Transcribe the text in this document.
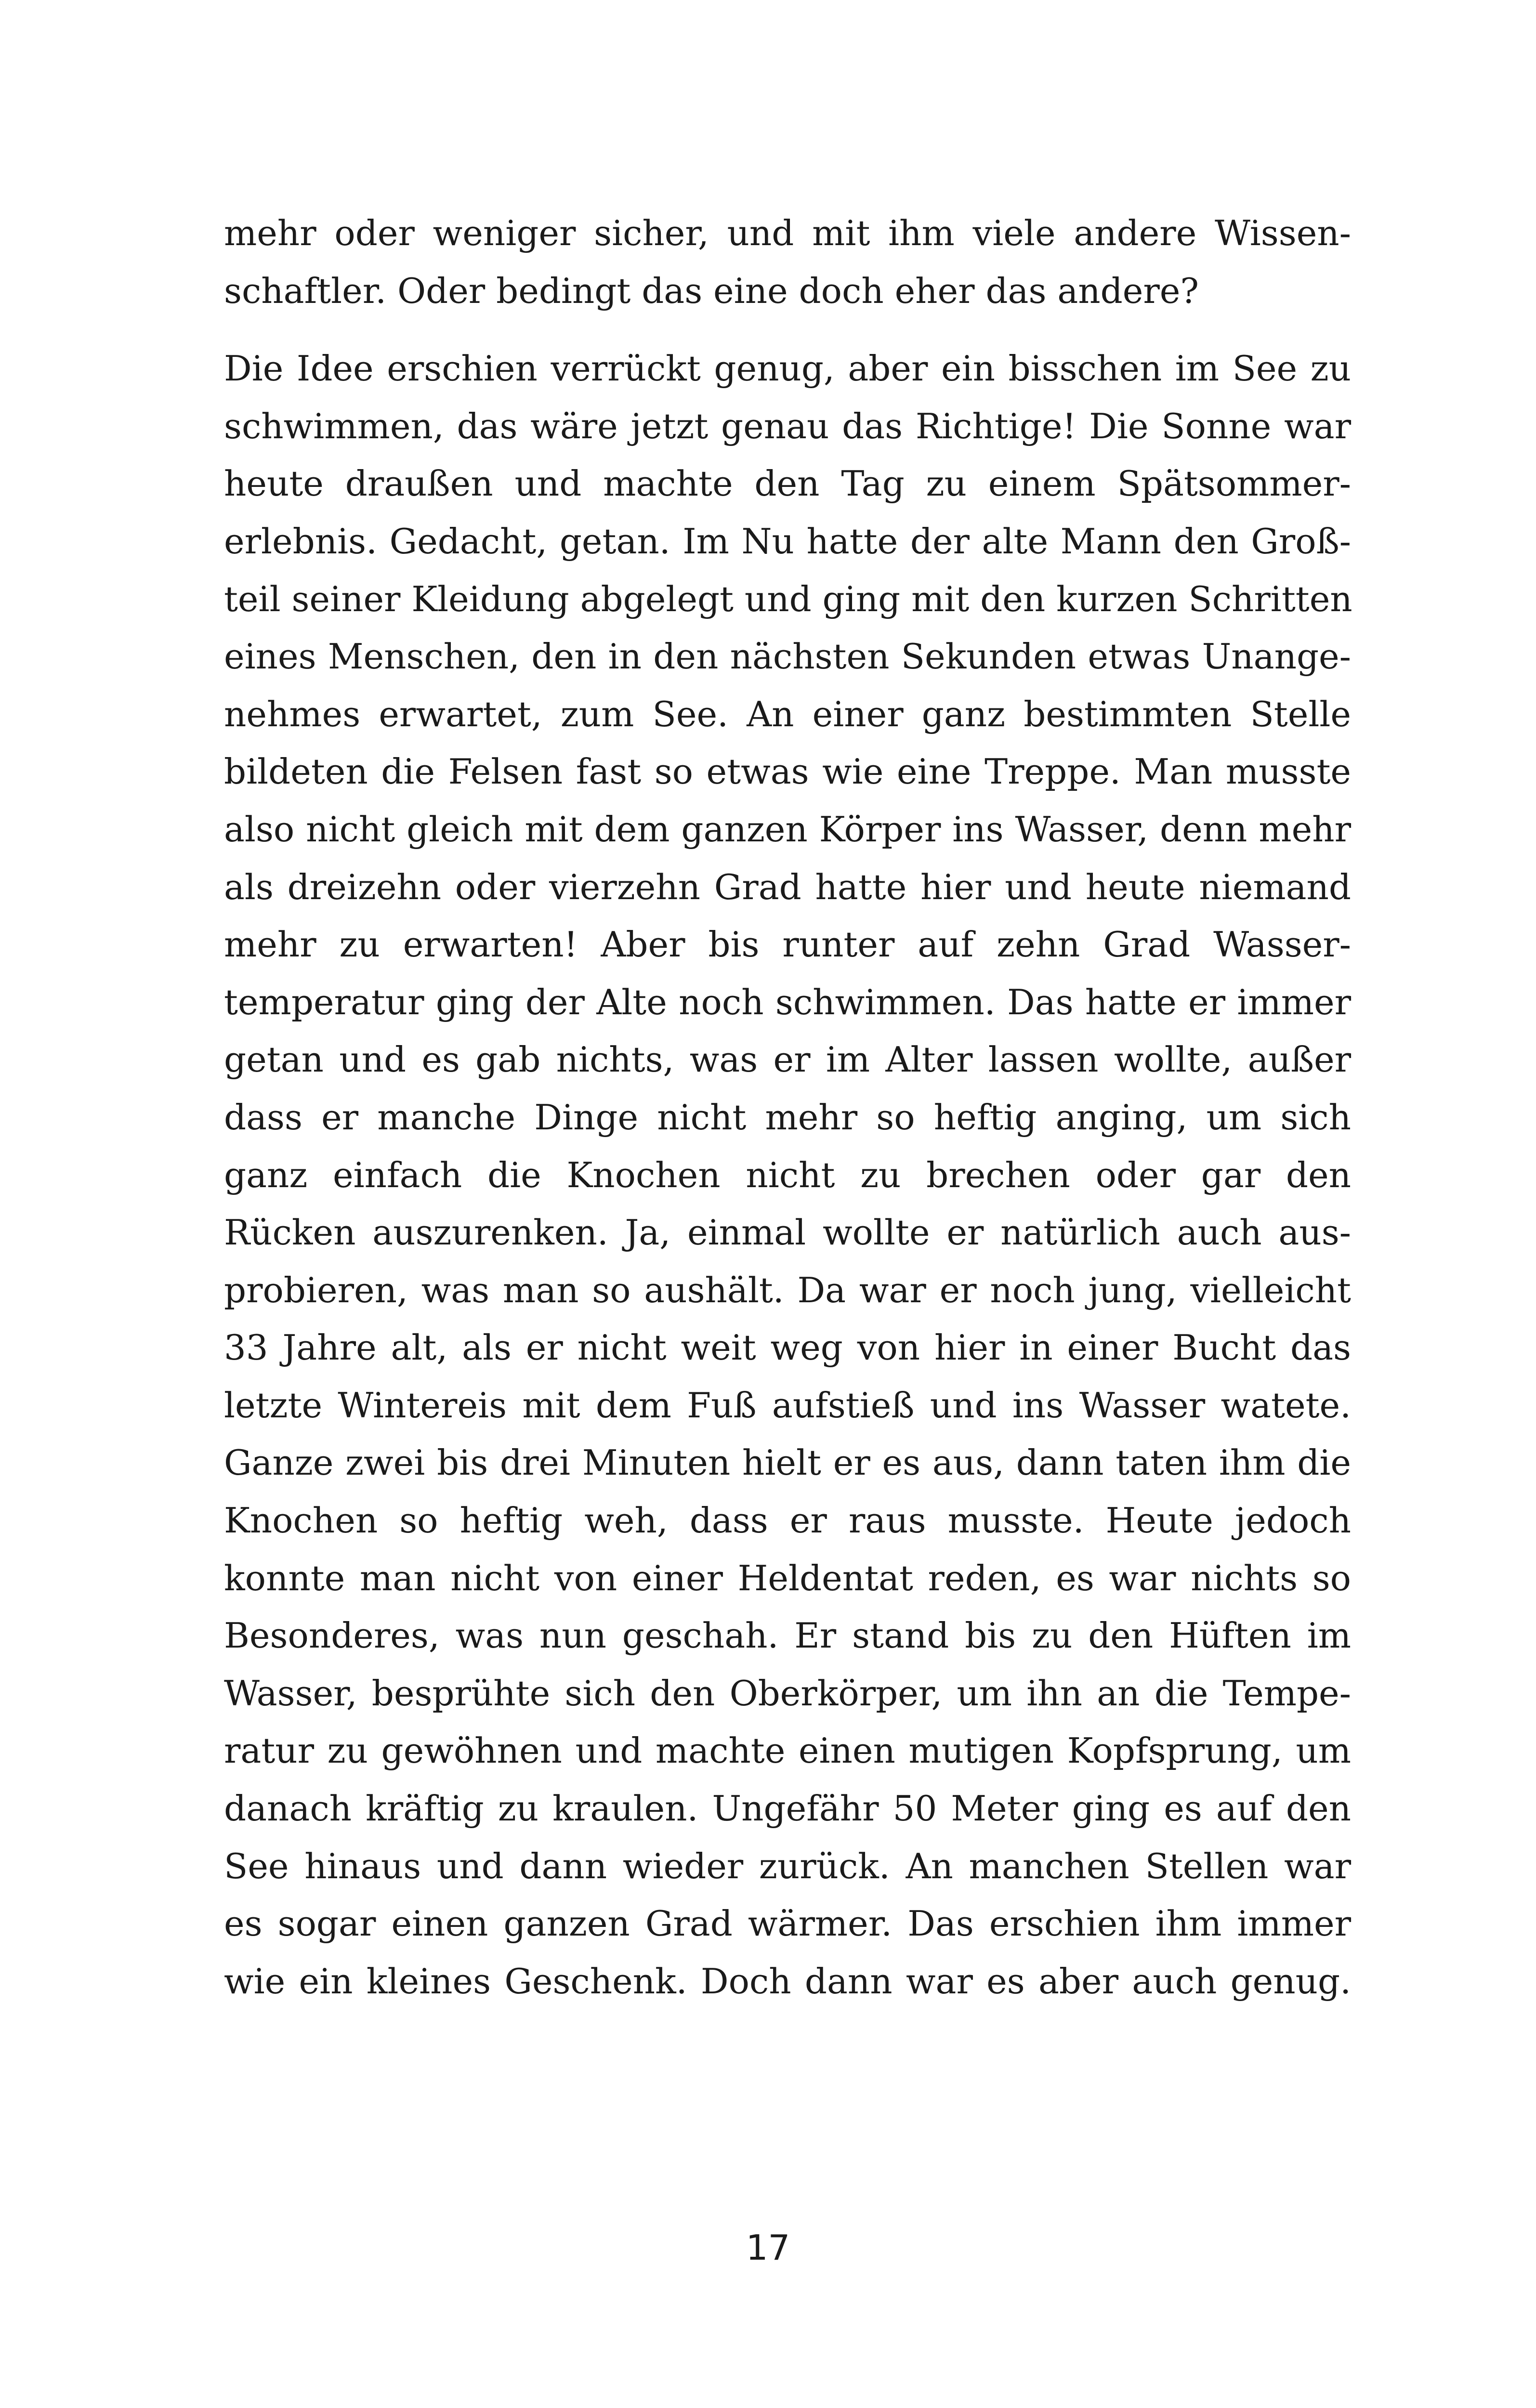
mehr oder weniger sicher, und mit ihm viele andere Wissen-
schaftler. Oder bedingt das eine doch eher das andere?

Die Idee erschien verrückt genug, aber ein bisschen im See zu
schwimmen, das wäre jetzt genau das Richtige! Die Sonne war
heute draußen und machte den Tag zu einem Spätsommer-
erlebnis. Gedacht, getan. Im Nu hatte der alte Mann den Groß-
teil seiner Kleidung abgelegt und ging mit den kurzen Schritten
eines Menschen, den in den nächsten Sekunden etwas Unange-
nehmes erwartet, zum See. An einer ganz bestimmten Stelle
bildeten die Felsen fast so etwas wie eine Treppe. Man musste
also nicht gleich mit dem ganzen Körper ins Wasser, denn mehr
als dreizehn oder vierzehn Grad hatte hier und heute niemand
mehr zu erwarten! Aber bis runter auf zehn Grad Wasser-
temperatur ging der Alte noch schwimmen. Das hatte er immer
getan und es gab nichts, was er im Alter lassen wollte, außer
dass er manche Dinge nicht mehr so heftig anging, um sich
ganz einfach die Knochen nicht zu brechen oder gar den
Rücken auszurenken. Ja, einmal wollte er natürlich auch aus-
probieren, was man so aushält. Da war er noch jung, vielleicht
33 Jahre alt, als er nicht weit weg von hier in einer Bucht das
letzte Wintereis mit dem Fuß aufstieß und ins Wasser watete.
Ganze zwei bis drei Minuten hielt er es aus, dann taten ihm die
Knochen so heftig weh, dass er raus musste. Heute jedoch
konnte man nicht von einer Heldentat reden, es war nichts so
Besonderes, was nun geschah. Er stand bis zu den Hüften im
Wasser, besprühte sich den Oberkörper, um ihn an die Tempe-
ratur zu gewöhnen und machte einen mutigen Kopfsprung, um
danach kräftig zu kraulen. Ungefähr 50 Meter ging es auf den
See hinaus und dann wieder zurück. An manchen Stellen war
es sogar einen ganzen Grad wärmer. Das erschien ihm immer
wie ein kleines Geschenk. Doch dann war es aber auch genug.

17
